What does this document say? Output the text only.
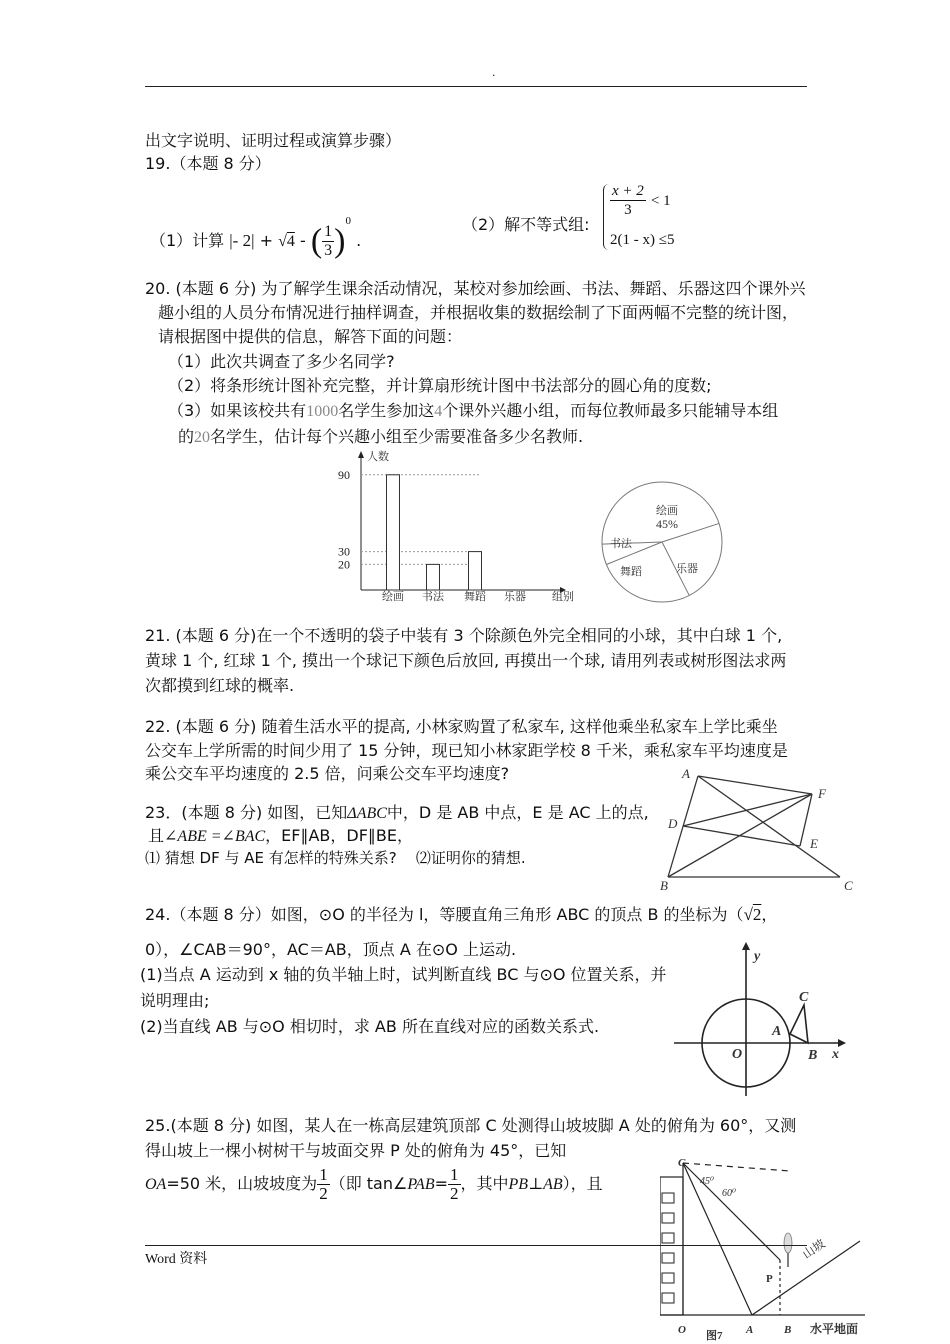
.
出文字说明、证明过程或演算步骤）
19.（本题 8 分）
（1）计算 |- 2| + √4 - ( $\frac{1}{3} )^0$ .
（2）解不等式组:
$\frac{x + 2}{3} < 1$
2(1 - x) ≤5
20. (本题 6 分) 为了解学生课余活动情况，某校对参加绘画、书法、舞蹈、乐器这四个课外兴
趣小组的人员分布情况进行抽样调查，并根据收集的数据绘制了下面两幅不完整的统计图，
请根据图中提供的信息，解答下面的问题：
（1）此次共调查了多少名同学?
（2）将条形统计图补充完整，并计算扇形统计图中书法部分的圆心角的度数;
（3）如果该校共有1000名学生参加这4个课外兴趣小组，而每位教师最多只能辅导本组
的20名学生，估计每个兴趣小组至少需要准备多少名教师.
人数
组别
20
30
90
绘画 书法 舞蹈 乐器
绘画
书法
舞蹈	乐器
45%
21. (本题 6 分)在一个不透明的袋子中装有 3 个除颜色外完全相同的小球，其中白球 1 个,
黄球 1 个, 红球 1 个, 摸出一个球记下颜色后放回, 再摸出一个球, 请用列表或树形图法求两
次都摸到红球的概率.
22. (本题 6 分) 随着生活水平的提高, 小林家购置了私家车, 这样他乘坐私家车上学比乘坐
公交车上学所需的时间少用了 15 分钟，现已知小林家距学校 8 千米，乘私家车平均速度是
乘公交车平均速度的 2.5 倍，问乘公交车平均速度?
23．(本题 8 分) 如图，已知ΔABC中，D 是 AB 中点，E 是 AC 上的点,
且∠ABE =∠BAC，EF∥AB，DF∥BE，
⑴ 猜想 DF 与 AE 有怎样的特殊关系? ⑵证明你的猜想.
A
B	C
D
E
F
24.（本题 8 分）如图，⊙O 的半径为 l，等腰直角三角形 ABC 的顶点 B 的坐标为（√2，
0），∠CAB＝90°，AC＝AB，顶点 A 在⊙O 上运动.
(1)当点 A 运动到 x 轴的负半轴上时，试判断直线 BC 与⊙O 位置关系，并
说明理由;
(2)当直线 AB 与⊙O 相切时，求 AB 所在直线对应的函数关系式.
y
x
O
A
B
C
25.(本题 8 分) 如图，某人在一栋高层建筑顶部 C 处测得山坡坡脚 A 处的俯角为 60°，又测
得山坡上一棵小树树干与坡面交界 P 处的俯角为 45°，已知
OA=50 米，山坡坡度为 $\frac{1}{2}$ （即 tan∠PAB= $\frac{1}{2}$ ，其中PB⊥AB），且
C
45⁰
60⁰
P
O	A	B
山坡
水平地面
图7
Word 资料
